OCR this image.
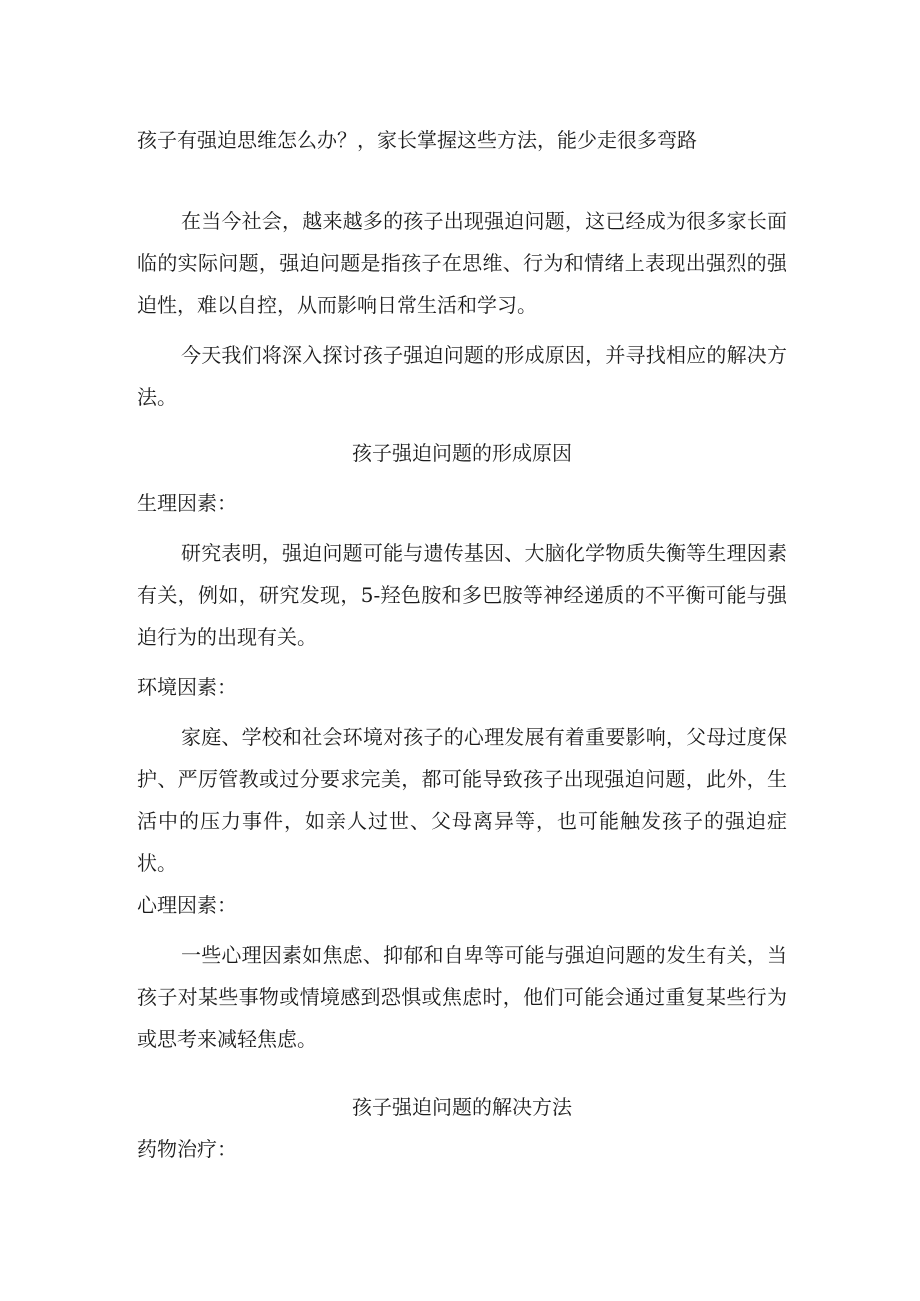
孩子有强迫思维怎么办？，家长掌握这些方法，能少走很多弯路

在当今社会，越来越多的孩子出现强迫问题，这已经成为很多家长面临的实际问题，强迫问题是指孩子在思维、行为和情绪上表现出强烈的强迫性，难以自控，从而影响日常生活和学习。

今天我们将深入探讨孩子强迫问题的形成原因，并寻找相应的解决方法。

孩子强迫问题的形成原因

生理因素：

研究表明，强迫问题可能与遗传基因、大脑化学物质失衡等生理因素有关，例如，研究发现，5-羟色胺和多巴胺等神经递质的不平衡可能与强迫行为的出现有关。

环境因素：

家庭、学校和社会环境对孩子的心理发展有着重要影响，父母过度保护、严厉管教或过分要求完美，都可能导致孩子出现强迫问题，此外，生活中的压力事件，如亲人过世、父母离异等，也可能触发孩子的强迫症状。

心理因素：

一些心理因素如焦虑、抑郁和自卑等可能与强迫问题的发生有关，当孩子对某些事物或情境感到恐惧或焦虑时，他们可能会通过重复某些行为或思考来减轻焦虑。

孩子强迫问题的解决方法

药物治疗：
